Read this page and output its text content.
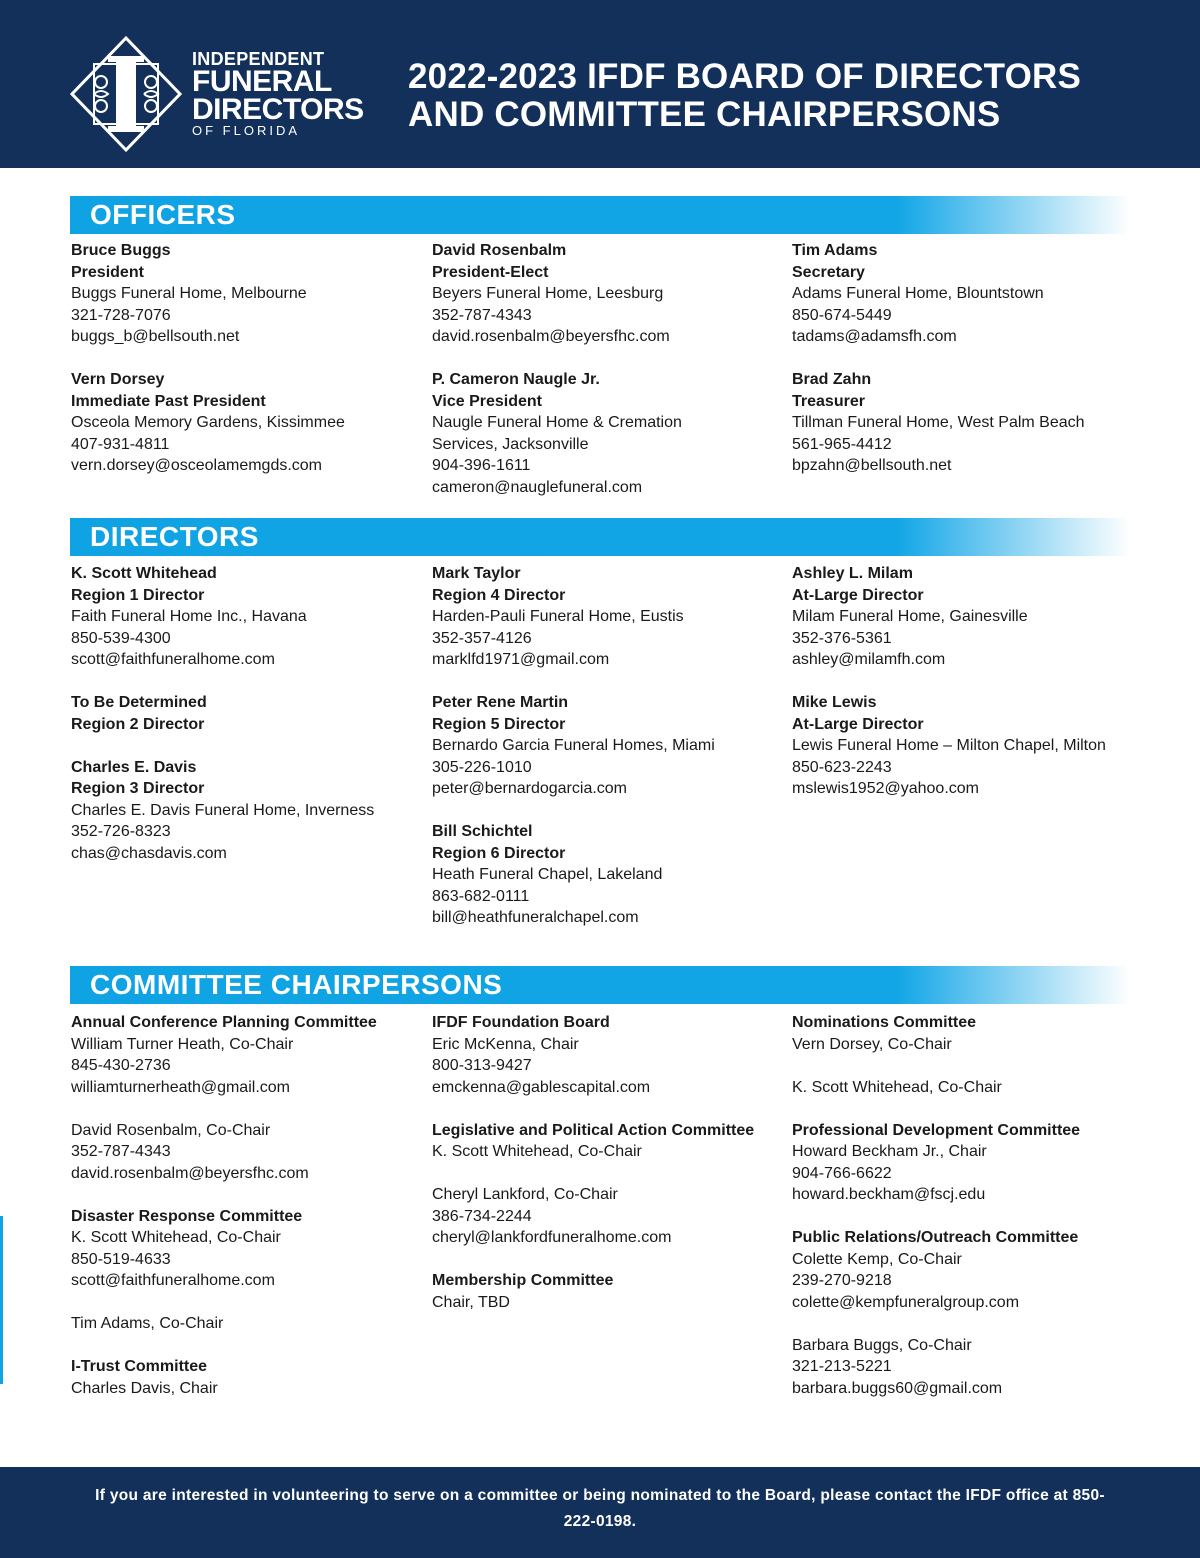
INDEPENDENT
FUNERAL
DIRECTORS
OF FLORIDA
2022-2023 IFDF BOARD OF DIRECTORS
AND COMMITTEE CHAIRPERSONS
OFFICERS
Bruce Buggs
President
Buggs Funeral Home, Melbourne
321-728-7076
buggs_b@bellsouth.net
Vern Dorsey
Immediate Past President
Osceola Memory Gardens, Kissimmee
407-931-4811
vern.dorsey@osceolamemgds.com
David Rosenbalm
President-Elect
Beyers Funeral Home, Leesburg
352-787-4343
david.rosenbalm@beyersfhc.com
P. Cameron Naugle Jr.
Vice President
Naugle Funeral Home & Cremation
Services, Jacksonville
904-396-1611
cameron@nauglefuneral.com
Tim Adams
Secretary
Adams Funeral Home, Blountstown
850-674-5449
tadams@adamsfh.com
Brad Zahn
Treasurer
Tillman Funeral Home, West Palm Beach
561-965-4412
bpzahn@bellsouth.net
DIRECTORS
K. Scott Whitehead
Region 1 Director
Faith Funeral Home Inc., Havana
850-539-4300
scott@faithfuneralhome.com
To Be Determined
Region 2 Director
Charles E. Davis
Region 3 Director
Charles E. Davis Funeral Home, Inverness
352-726-8323
chas@chasdavis.com
Mark Taylor
Region 4 Director
Harden-Pauli Funeral Home, Eustis
352-357-4126
marklfd1971@gmail.com
Peter Rene Martin
Region 5 Director
Bernardo Garcia Funeral Homes, Miami
305-226-1010
peter@bernardogarcia.com
Bill Schichtel
Region 6 Director
Heath Funeral Chapel, Lakeland
863-682-0111
bill@heathfuneralchapel.com
Ashley L. Milam
At-Large Director
Milam Funeral Home, Gainesville
352-376-5361
ashley@milamfh.com
Mike Lewis
At-Large Director
Lewis Funeral Home – Milton Chapel, Milton
850-623-2243
mslewis1952@yahoo.com
COMMITTEE CHAIRPERSONS
Annual Conference Planning Committee
William Turner Heath, Co-Chair
845-430-2736
williamturnerheath@gmail.com
David Rosenbalm, Co-Chair
352-787-4343
david.rosenbalm@beyersfhc.com
Disaster Response Committee
K. Scott Whitehead, Co-Chair
850-519-4633
scott@faithfuneralhome.com
Tim Adams, Co-Chair
I-Trust Committee
Charles Davis, Chair
IFDF Foundation Board
Eric McKenna, Chair
800-313-9427
emckenna@gablescapital.com
Legislative and Political Action Committee
K. Scott Whitehead, Co-Chair
Cheryl Lankford, Co-Chair
386-734-2244
cheryl@lankfordfuneralhome.com
Membership Committee
Chair, TBD
Nominations Committee
Vern Dorsey, Co-Chair
K. Scott Whitehead, Co-Chair
Professional Development Committee
Howard Beckham Jr., Chair
904-766-6622
howard.beckham@fscj.edu
Public Relations/Outreach Committee
Colette Kemp, Co-Chair
239-270-9218
colette@kempfuneralgroup.com
Barbara Buggs, Co-Chair
321-213-5221
barbara.buggs60@gmail.com

If you are interested in volunteering to serve on a committee or being nominated to the Board, please contact the IFDF office at 850-222-0198.
